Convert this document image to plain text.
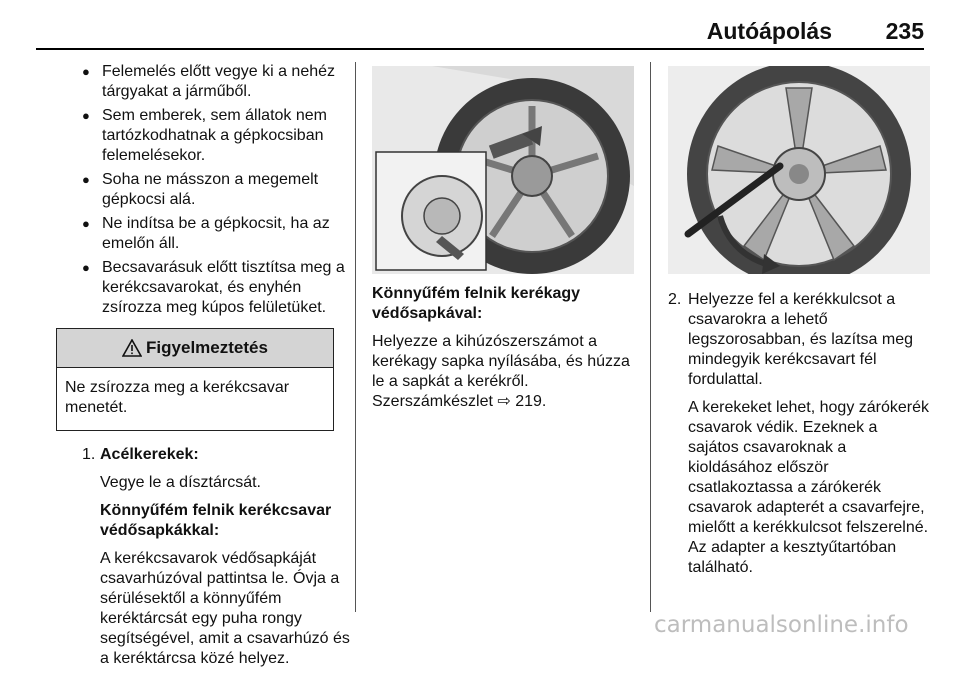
Autóápolás 235
● Felemelés előtt vegye ki a nehéz tárgyakat a járműből.
● Sem emberek, sem állatok nem tartózkodhatnak a gépkocsiban felemelésekor.
● Soha ne másszon a megemelt gépkocsi alá.
● Ne indítsa be a gépkocsit, ha az emelőn áll.
● Becsavarásuk előtt tisztítsa meg a kerékcsavarokat, és enyhén zsírozza meg kúpos felületüket.
Figyelmeztetés
Ne zsírozza meg a kerékcsavar menetét.
1. Acélkerekek:

Vegye le a dísztárcsát.

Könnyűfém felnik kerékcsavar védősapkákkal:

A kerékcsavarok védősapkáját csavarhúzóval pattintsa le. Óvja a sérülésektől a könnyűfém keréktárcsát egy puha rongy segítségével, amit a csavarhúzó és a keréktárcsa közé helyez.

Könnyűfém felnik kerékagy védősapkával:

Helyezze a kihúzószerszámot a kerékagy sapka nyílásába, és húzza le a sapkát a kerékről.

Szerszámkészlet ⇨ 219.

2. Helyezze fel a kerékkulcsot a csavarokra a lehető legszorosabban, és lazítsa meg mindegyik kerékcsavart fél fordulattal.

A kerekeket lehet, hogy zárókerék csavarok védik. Ezeknek a sajátos csavaroknak a kioldásához először csatlakoztassa a zárókerék csavarok adapterét a csavarfejre, mielőtt a kerékkulcsot felszerelné. Az adapter a kesztyűtartóban található.

carmanualsonline.info
